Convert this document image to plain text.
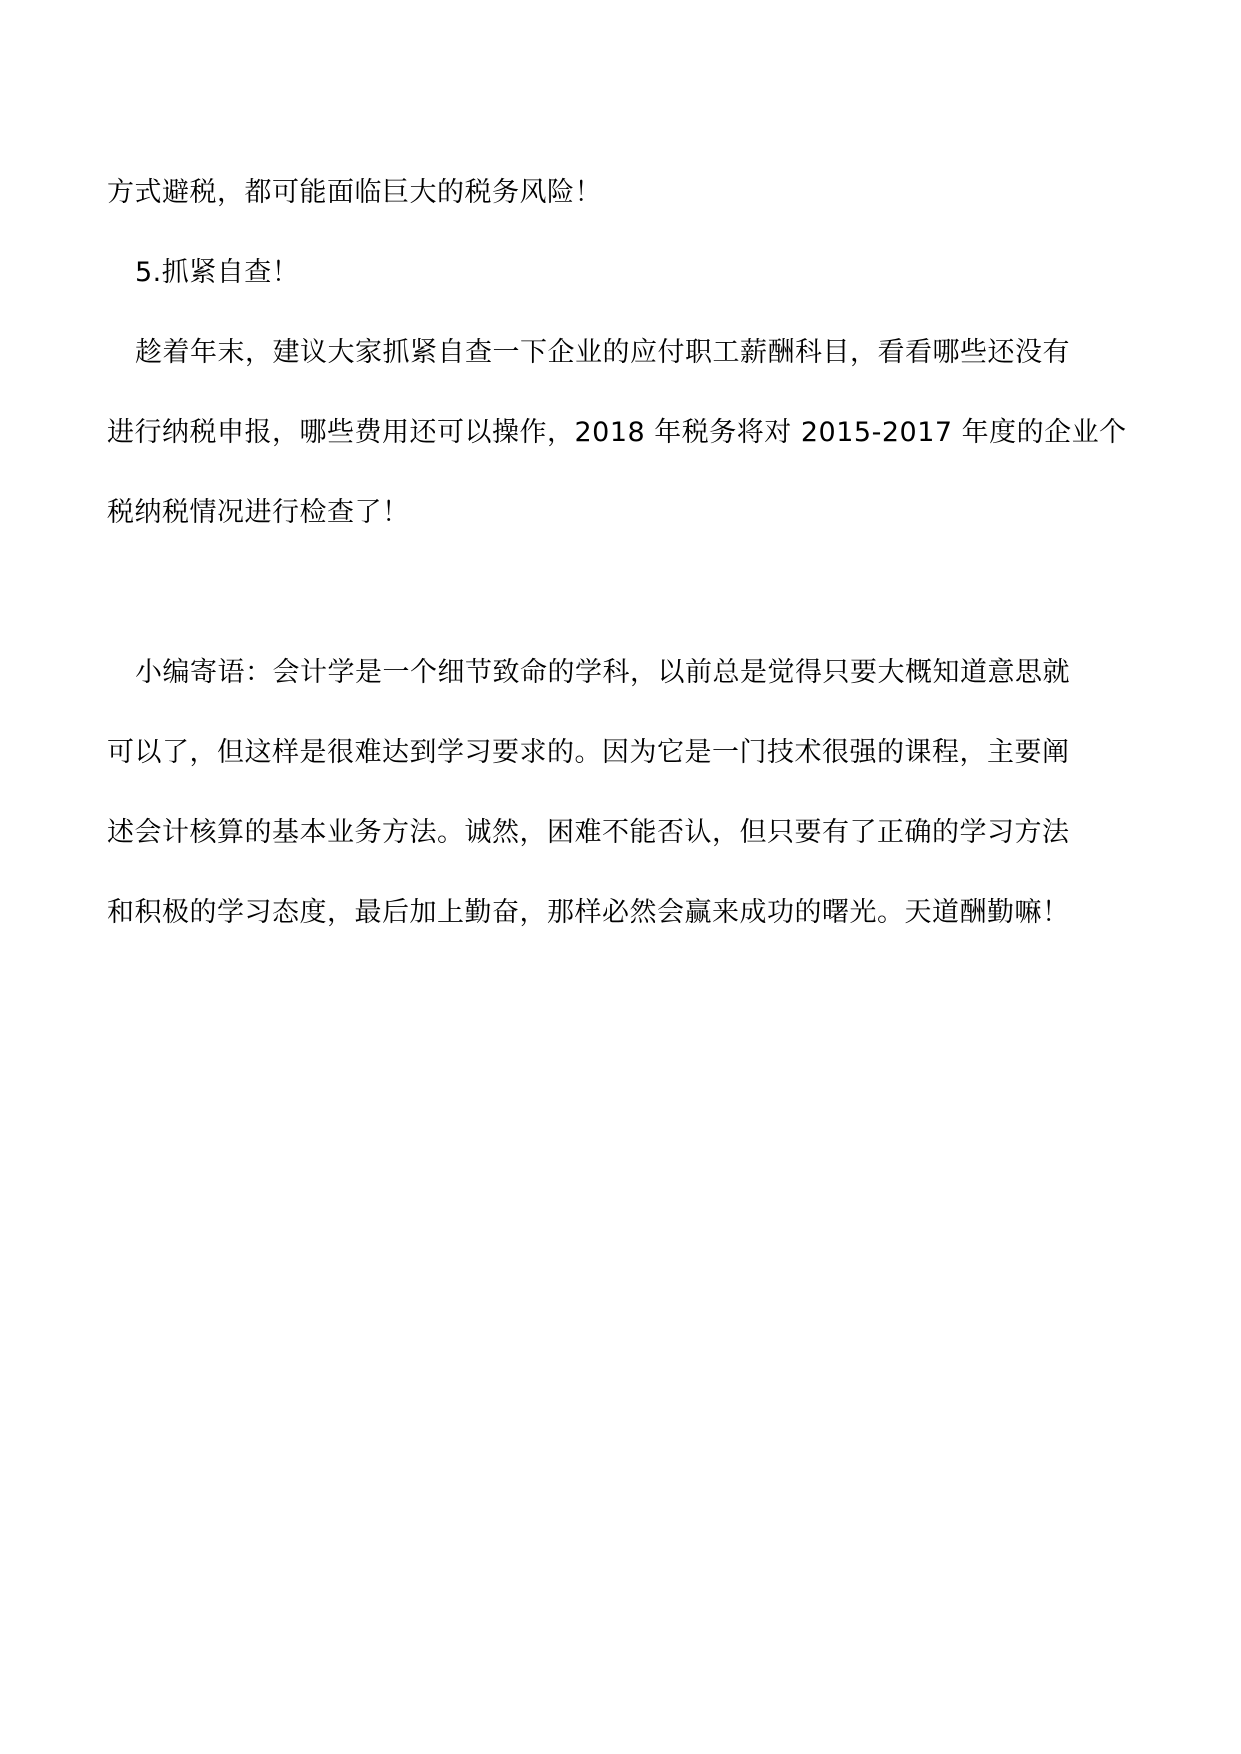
方式避税，都可能面临巨大的税务风险！
5.抓紧自查！
趁着年末，建议大家抓紧自查一下企业的应付职工薪酬科目，看看哪些还没有
进行纳税申报，哪些费用还可以操作，2018 年税务将对 2015-2017 年度的企业个
税纳税情况进行检查了！
小编寄语：会计学是一个细节致命的学科，以前总是觉得只要大概知道意思就
可以了，但这样是很难达到学习要求的。因为它是一门技术很强的课程，主要阐
述会计核算的基本业务方法。诚然，困难不能否认，但只要有了正确的学习方法
和积极的学习态度，最后加上勤奋，那样必然会赢来成功的曙光。天道酬勤嘛！
